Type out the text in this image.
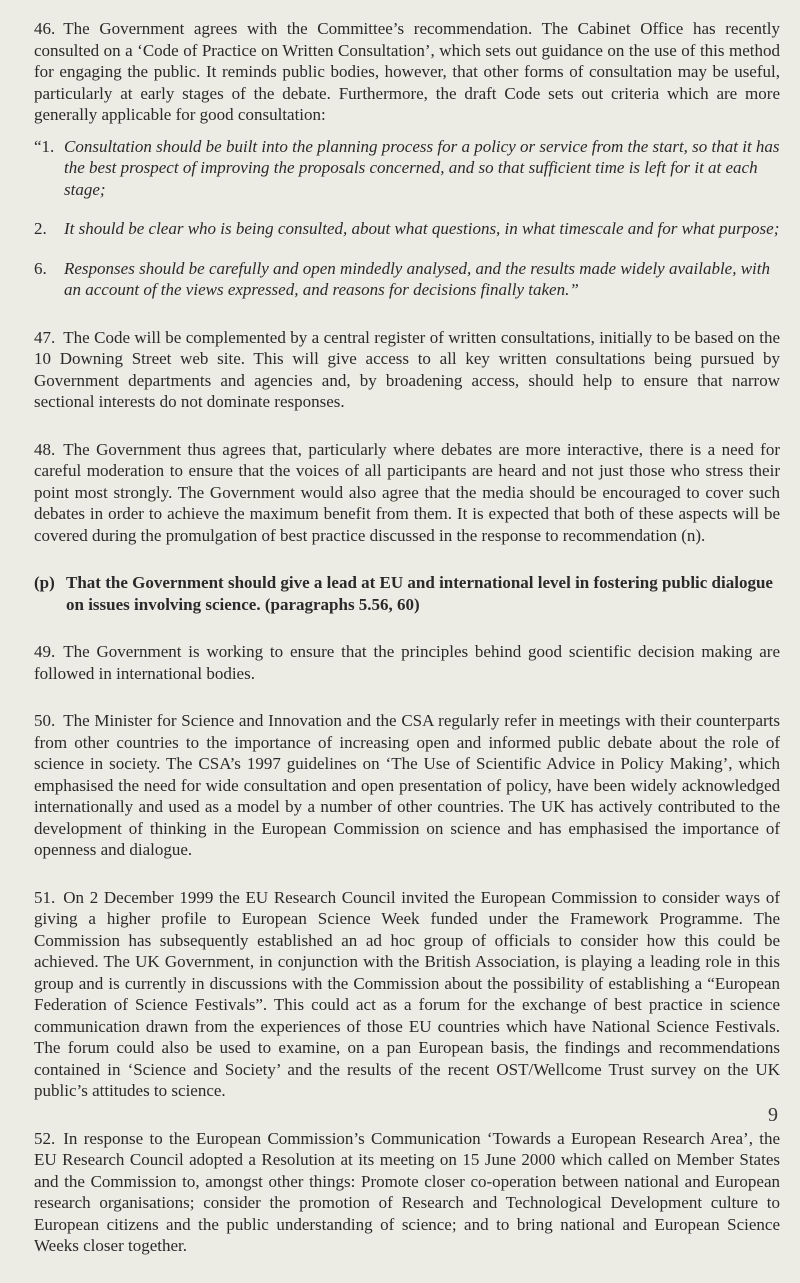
46. The Government agrees with the Committee’s recommendation. The Cabinet Office has recently consulted on a ‘Code of Practice on Written Consultation’, which sets out guidance on the use of this method for engaging the public. It reminds public bodies, however, that other forms of consultation may be useful, particularly at early stages of the debate. Furthermore, the draft Code sets out criteria which are more generally applicable for good consultation:

“1. Consultation should be built into the planning process for a policy or service from the start, so that it has the best prospect of improving the proposals concerned, and so that sufficient time is left for it at each stage;
2.	It should be clear who is being consulted, about what questions, in what timescale and for what purpose;
6.	Responses should be carefully and open mindedly analysed, and the results made widely available, with an account of the views expressed, and reasons for decisions finally taken.”

47. The Code will be complemented by a central register of written consultations, initially to be based on the 10 Downing Street web site. This will give access to all key written consultations being pursued by Government departments and agencies and, by broadening access, should help to ensure that narrow sectional interests do not dominate responses.

48. The Government thus agrees that, particularly where debates are more interactive, there is a need for careful moderation to ensure that the voices of all participants are heard and not just those who stress their point most strongly. The Government would also agree that the media should be encouraged to cover such debates in order to achieve the maximum benefit from them. It is expected that both of these aspects will be covered during the promulgation of best practice discussed in the response to recommendation (n).

(p) That the Government should give a lead at EU and international level in fostering public dialogue on issues involving science. (paragraphs 5.56, 60)

49. The Government is working to ensure that the principles behind good scientific decision making are followed in international bodies.

50. The Minister for Science and Innovation and the CSA regularly refer in meetings with their counterparts from other countries to the importance of increasing open and informed public debate about the role of science in society. The CSA’s 1997 guidelines on ‘The Use of Scientific Advice in Policy Making’, which emphasised the need for wide consultation and open presentation of policy, have been widely acknowledged internationally and used as a model by a number of other countries. The UK has actively contributed to the development of thinking in the European Commission on science and has emphasised the importance of openness and dialogue.

51. On 2 December 1999 the EU Research Council invited the European Commission to consider ways of giving a higher profile to European Science Week funded under the Framework Programme. The Commission has subsequently established an ad hoc group of officials to consider how this could be achieved. The UK Government, in conjunction with the British Association, is playing a leading role in this group and is currently in discussions with the Commission about the possibility of establishing a “European Federation of Science Festivals”. This could act as a forum for the exchange of best practice in science communication drawn from the experiences of those EU countries which have National Science Festivals. The forum could also be used to examine, on a pan European basis, the findings and recommendations contained in ‘Science and Society’ and the results of the recent OST/Wellcome Trust survey on the UK public’s attitudes to science.

52. In response to the European Commission’s Communication ‘Towards a European Research Area’, the EU Research Council adopted a Resolution at its meeting on 15 June 2000 which called on Member States and the Commission to, amongst other things: Promote closer co-operation between national and European research organisations; consider the promotion of Research and Technological Development culture to European citizens and the public understanding of science; and to bring national and European Science Weeks closer together.

9
